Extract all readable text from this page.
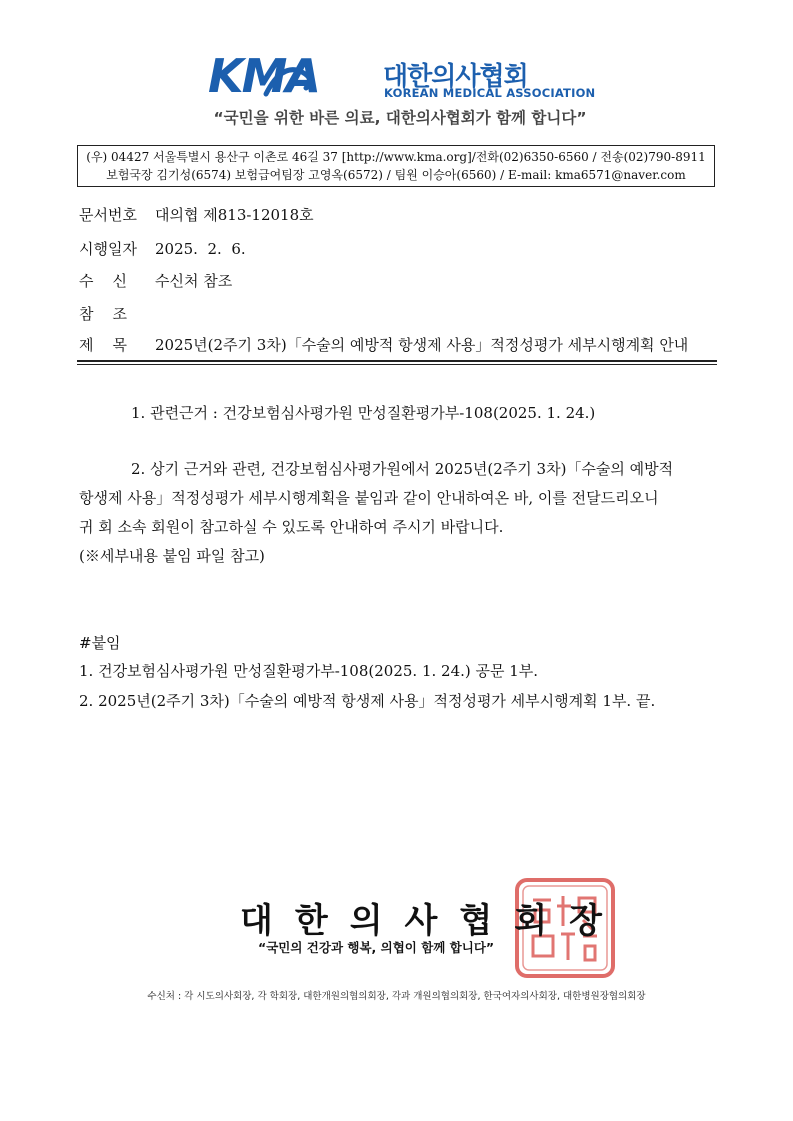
KMA 대한의사협회
KOREAN MEDICAL ASSOCIATION
“국민을 위한 바른 의료, 대한의사협회가 함께 합니다”
(우) 04427 서울특별시 용산구 이촌로 46길 37 [http://www.kma.org]/전화(02)6350-6560 / 전송(02)790-8911
보험국장 김기성(6574) 보험급여팀장 고영옥(6572) / 팀원 이승아(6560) / E-mail: kma6571@naver.com
문서번호 대의협 제813-12018호
시행일자 2025.  2.  6.
수    신 수신처 참조
참    조
제    목 2025년(2주기 3차)「수술의 예방적 항생제 사용」적정성평가 세부시행계획 안내
1. 관련근거 : 건강보험심사평가원 만성질환평가부-108(2025. 1. 24.)
2. 상기 근거와 관련, 건강보험심사평가원에서 2025년(2주기 3차)「수술의 예방적
항생제 사용」적정성평가 세부시행계획을 붙임과 같이 안내하여온 바, 이를 전달드리오니
귀 회 소속 회원이 참고하실 수 있도록 안내하여 주시기 바랍니다.
(※세부내용 붙임 파일 참고)
#붙임
1. 건강보험심사평가원 만성질환평가부-108(2025. 1. 24.) 공문 1부.
2. 2025년(2주기 3차)「수술의 예방적 항생제 사용」적정성평가 세부시행계획 1부. 끝.
대한의사협회장
“국민의 건강과 행복, 의협이 함께 합니다”
수신처 : 각 시도의사회장, 각 학회장, 대한개원의협의회장, 각과 개원의협의회장, 한국여자의사회장, 대한병원장협의회장
